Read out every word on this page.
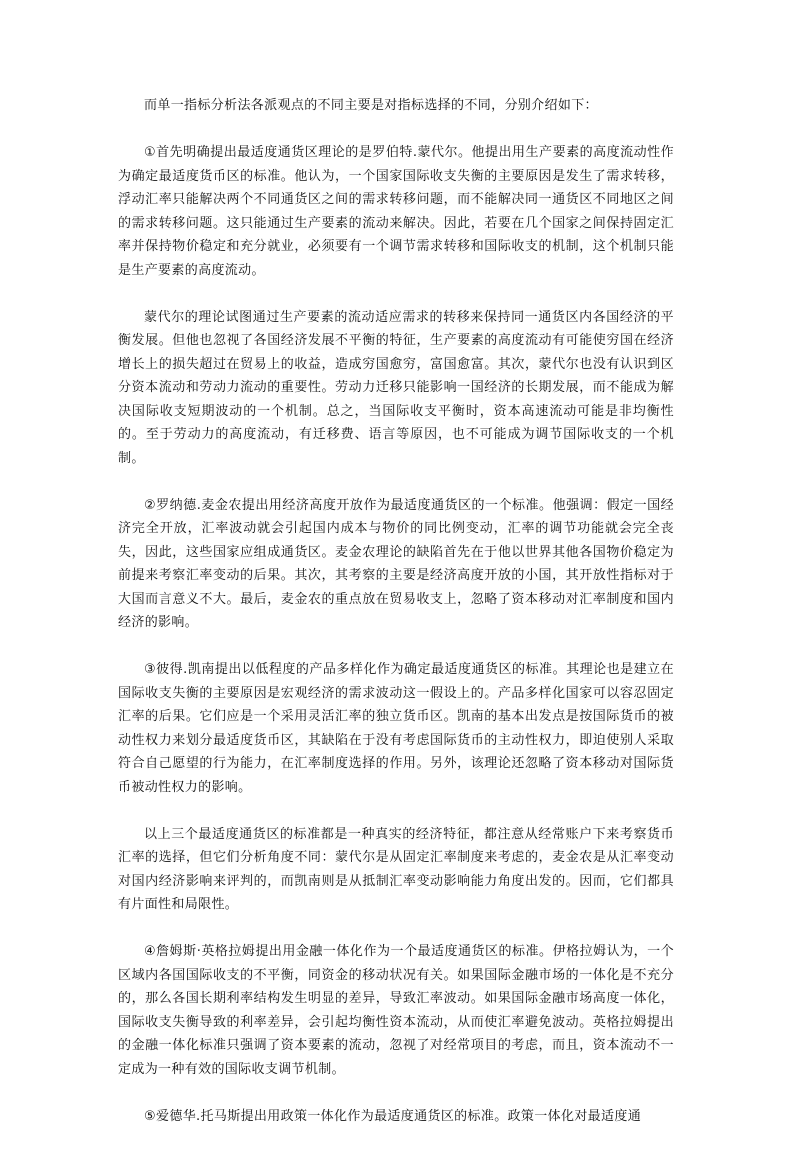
而单一指标分析法各派观点的不同主要是对指标选择的不同，分别介绍如下：

①首先明确提出最适度通货区理论的是罗伯特.蒙代尔。他提出用生产要素的高度流动性作为确定最适度货币区的标准。他认为，一个国家国际收支失衡的主要原因是发生了需求转移，浮动汇率只能解决两个不同通货区之间的需求转移问题，而不能解决同一通货区不同地区之间的需求转移问题。这只能通过生产要素的流动来解决。因此，若要在几个国家之间保持固定汇率并保持物价稳定和充分就业，必须要有一个调节需求转移和国际收支的机制，这个机制只能是生产要素的高度流动。

蒙代尔的理论试图通过生产要素的流动适应需求的转移来保持同一通货区内各国经济的平衡发展。但他也忽视了各国经济发展不平衡的特征，生产要素的高度流动有可能使穷国在经济增长上的损失超过在贸易上的收益，造成穷国愈穷，富国愈富。其次，蒙代尔也没有认识到区分资本流动和劳动力流动的重要性。劳动力迁移只能影响一国经济的长期发展，而不能成为解决国际收支短期波动的一个机制。总之，当国际收支平衡时，资本高速流动可能是非均衡性的。至于劳动力的高度流动，有迁移费、语言等原因，也不可能成为调节国际收支的一个机制。

②罗纳德.麦金农提出用经济高度开放作为最适度通货区的一个标准。他强调：假定一国经济完全开放，汇率波动就会引起国内成本与物价的同比例变动，汇率的调节功能就会完全丧失，因此，这些国家应组成通货区。麦金农理论的缺陷首先在于他以世界其他各国物价稳定为前提来考察汇率变动的后果。其次，其考察的主要是经济高度开放的小国，其开放性指标对于大国而言意义不大。最后，麦金农的重点放在贸易收支上，忽略了资本移动对汇率制度和国内经济的影响。

③彼得.凯南提出以低程度的产品多样化作为确定最适度通货区的标准。其理论也是建立在国际收支失衡的主要原因是宏观经济的需求波动这一假设上的。产品多样化国家可以容忍固定汇率的后果。它们应是一个采用灵活汇率的独立货币区。凯南的基本出发点是按国际货币的被动性权力来划分最适度货币区，其缺陷在于没有考虑国际货币的主动性权力，即迫使别人采取符合自己愿望的行为能力，在汇率制度选择的作用。另外，该理论还忽略了资本移动对国际货币被动性权力的影响。

以上三个最适度通货区的标准都是一种真实的经济特征，都注意从经常账户下来考察货币汇率的选择，但它们分析角度不同：蒙代尔是从固定汇率制度来考虑的，麦金农是从汇率变动对国内经济影响来评判的，而凯南则是从抵制汇率变动影响能力角度出发的。因而，它们都具有片面性和局限性。

④詹姆斯·英格拉姆提出用金融一体化作为一个最适度通货区的标准。伊格拉姆认为，一个区域内各国国际收支的不平衡，同资金的移动状况有关。如果国际金融市场的一体化是不充分的，那么各国长期利率结构发生明显的差异，导致汇率波动。如果国际金融市场高度一体化，国际收支失衡导致的利率差异，会引起均衡性资本流动，从而使汇率避免波动。英格拉姆提出的金融一体化标准只强调了资本要素的流动，忽视了对经常项目的考虑，而且，资本流动不一定成为一种有效的国际收支调节机制。

⑤爱德华.托马斯提出用政策一体化作为最适度通货区的标准。政策一体化对最适度通
